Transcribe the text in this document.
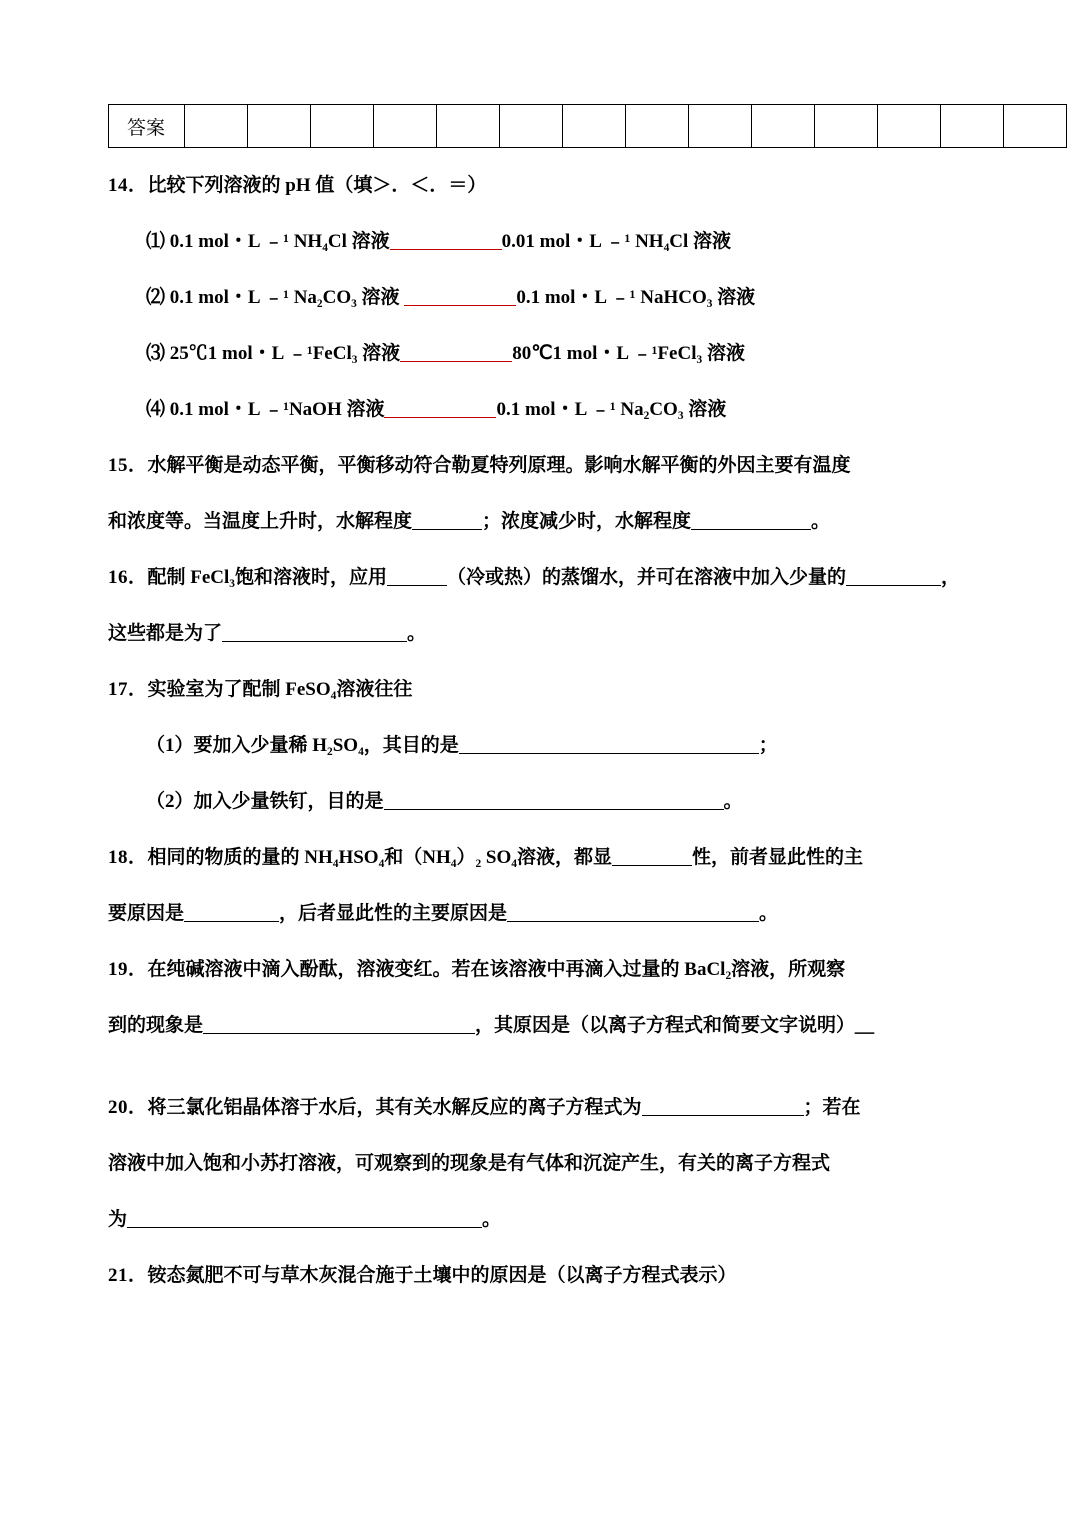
答案														
14．比较下列溶液的 pH 值（填＞．＜．＝）
⑴ 0.1 mol・L ﹣¹ NH₄Cl 溶液	0.01 mol・L ﹣¹ NH₄Cl 溶液
⑵ 0.1 mol・L ﹣¹ Na₂CO₃ 溶液	0.1 mol・L ﹣¹ NaHCO₃ 溶液
⑶ 25℃1 mol・L ﹣¹FeCl₃ 溶液	80℃1 mol・L ﹣¹FeCl₃ 溶液
⑷ 0.1 mol・L ﹣¹NaOH 溶液	0.1 mol・L ﹣¹ Na₂CO₃ 溶液
15．水解平衡是动态平衡，平衡移动符合勒夏特列原理。影响水解平衡的外因主要有温度
和浓度等。当温度上升时，水解程度	；浓度减少时，水解程度	。
16．配制 FeCl₃饱和溶液时，应用	（冷或热）的蒸馏水，并可在溶液中加入少量的	，
这些都是为了	。
17．实验室为了配制 FeSO₄溶液往往
（1）要加入少量稀 H₂SO₄，其目的是	；
（2）加入少量铁钉，目的是	。
18．相同的物质的量的 NH₄HSO₄和（NH₄）₂ SO₄溶液，都显	性，前者显此性的主
要原因是	，后者显此性的主要原因是	。
19．在纯碱溶液中滴入酚酞，溶液变红。若在该溶液中再滴入过量的 BaCl₂溶液，所观察
到的现象是	，其原因是（以离子方程式和简要文字说明）＿
20．将三氯化铝晶体溶于水后，其有关水解反应的离子方程式为	；若在
溶液中加入饱和小苏打溶液，可观察到的现象是有气体和沉淀产生，有关的离子方程式
为	。
21．铵态氮肥不可与草木灰混合施于土壤中的原因是（以离子方程式表示）
